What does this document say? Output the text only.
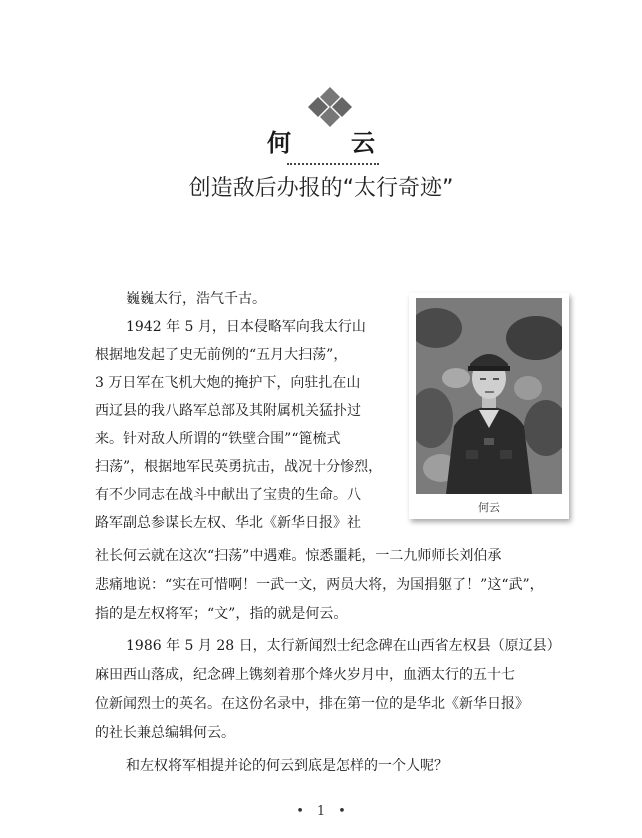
何　云
创造敌后办报的“太行奇迹”
何云
巍巍太行，浩气千古。
1942 年 5 月，日本侵略军向我太行山
根据地发起了史无前例的“五月大扫荡”，
3 万日军在飞机大炮的掩护下，向驻扎在山
西辽县的我八路军总部及其附属机关猛扑过
来。针对敌人所谓的“铁壁合围”“篦梳式
扫荡”，根据地军民英勇抗击，战况十分惨烈，
有不少同志在战斗中献出了宝贵的生命。八
路军副总参谋长左权、华北《新华日报》社
社长何云就在这次“扫荡”中遇难。惊悉噩耗，一二九师师长刘伯承
悲痛地说：“实在可惜啊！一武一文，两员大将，为国捐躯了！”这“武”，
指的是左权将军；“文”，指的就是何云。
1986 年 5 月 28 日，太行新闻烈士纪念碑在山西省左权县（原辽县）
麻田西山落成，纪念碑上镌刻着那个烽火岁月中，血洒太行的五十七
位新闻烈士的英名。在这份名录中，排在第一位的是华北《新华日报》
的社长兼总编辑何云。
和左权将军相提并论的何云到底是怎样的一个人呢？
•　1　•
